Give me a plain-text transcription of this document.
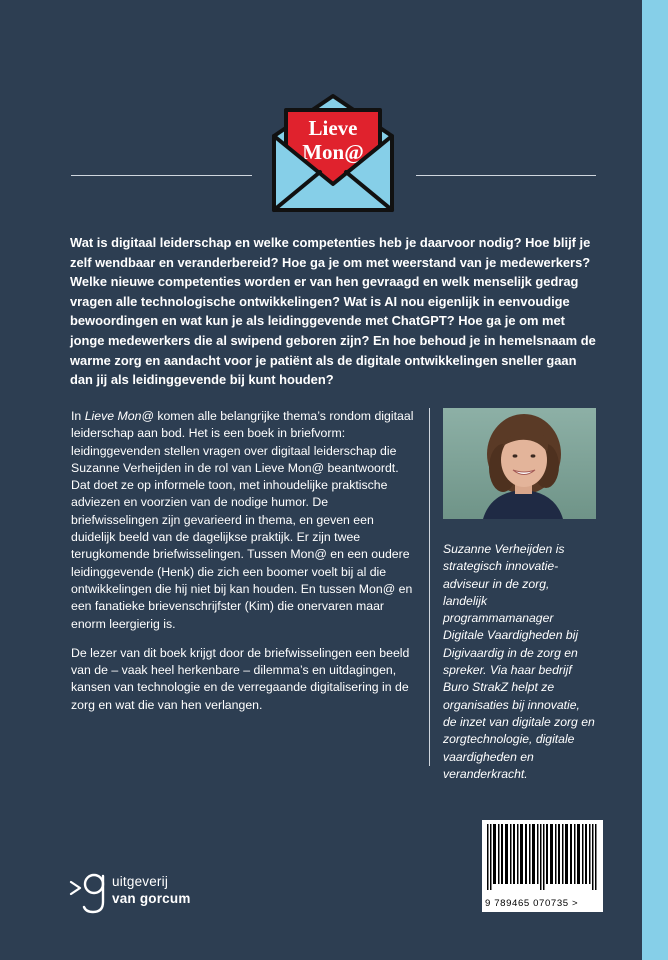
Lieve
Mon@
Wat is digitaal leiderschap en welke competenties heb je daarvoor nodig? Hoe blijf je zelf wendbaar en veranderbereid? Hoe ga je om met weerstand van je medewerkers? Welke nieuwe competenties worden er van hen gevraagd en welk menselijk gedrag vragen alle technologische ontwikkelingen? Wat is AI nou eigenlijk in eenvoudige bewoordingen en wat kun je als leidinggevende met ChatGPT? Hoe ga je om met jonge medewerkers die al swipend geboren zijn? En hoe behoud je in hemelsnaam de warme zorg en aandacht voor je patiënt als de digitale ontwikkelingen sneller gaan dan jij als leidinggevende bij kunt houden?

In Lieve Mon@ komen alle belangrijke thema’s rondom digitaal leiderschap aan bod. Het is een boek in briefvorm: leidinggevenden stellen vragen over digitaal leiderschap die Suzanne Verheijden in de rol van Lieve Mon@ beantwoordt. Dat doet ze op informele toon, met inhoudelijke praktische adviezen en voorzien van de nodige humor. De briefwisselingen zijn gevarieerd in thema, en geven een duidelijk beeld van de dagelijkse praktijk. Er zijn twee terugkomende briefwisselingen. Tussen Mon@ en een oudere leidinggevende (Henk) die zich een boomer voelt bij al die ontwikkelingen die hij niet bij kan houden. En tussen Mon@ en een fanatieke brievenschrijfster (Kim) die onervaren maar enorm leergierig is.

De lezer van dit boek krijgt door de briefwisselingen een beeld van de – vaak heel herkenbare – dilemma’s en uitdagingen, kansen van technologie en de verregaande digitalisering in de zorg en wat die van hen verlangen.

Suzanne Verheijden is strategisch innovatie-adviseur in de zorg, landelijk programmamanager Digitale Vaardigheden bij Digivaardig in de zorg en spreker. Via haar bedrijf Buro StrakZ helpt ze organisaties bij innovatie, de inzet van digitale zorg en zorgtechnologie, digitale vaardigheden en veranderkracht.
9 789465 070735 >
uitgeverij
van gorcum
